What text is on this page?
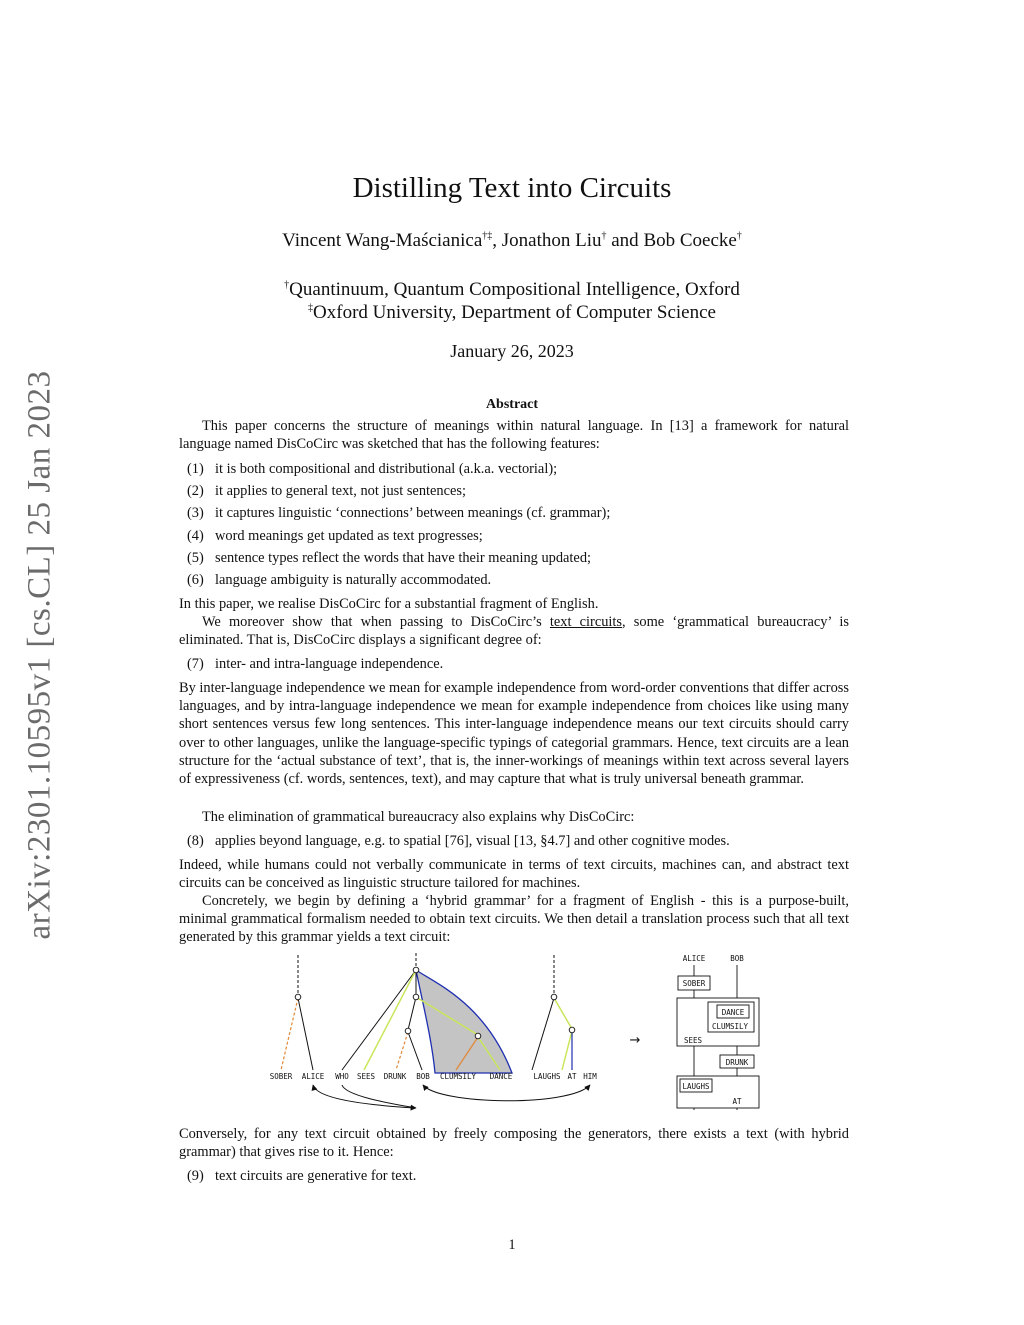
arXiv:2301.10595v1 [cs.CL] 25 Jan 2023
Distilling Text into Circuits
Vincent Wang-Maścianica†‡, Jonathon Liu† and Bob Coecke†
†Quantinuum, Quantum Compositional Intelligence, Oxford
‡Oxford University, Department of Computer Science
January 26, 2023
Abstract
This paper concerns the structure of meanings within natural language. In [13] a framework for natural language named DisCoCirc was sketched that has the following features:
(1) it is both compositional and distributional (a.k.a. vectorial);
(2) it applies to general text, not just sentences;
(3) it captures linguistic ‘connections’ between meanings (cf. grammar);
(4) word meanings get updated as text progresses;
(5) sentence types reflect the words that have their meaning updated;
(6) language ambiguity is naturally accommodated.
In this paper, we realise DisCoCirc for a substantial fragment of English.
We moreover show that when passing to DisCoCirc’s text circuits, some ‘grammatical bureaucracy’ is eliminated. That is, DisCoCirc displays a significant degree of:
(7) inter- and intra-language independence.
By inter-language independence we mean for example independence from word-order conventions that differ across languages, and by intra-language independence we mean for example independence from choices like using many short sentences versus few long sentences. This inter-language independence means our text circuits should carry over to other languages, unlike the language-specific typings of categorial grammars. Hence, text circuits are a lean structure for the ‘actual substance of text’, that is, the inner-workings of meanings within text across several layers of expressiveness (cf. words, sentences, text), and may capture that what is truly universal beneath grammar.
The elimination of grammatical bureaucracy also explains why DisCoCirc:
(8) applies beyond language, e.g. to spatial [76], visual [13, §4.7] and other cognitive modes.
Indeed, while humans could not verbally communicate in terms of text circuits, machines can, and abstract text circuits can be conceived as linguistic structure tailored for machines.
Concretely, we begin by defining a ‘hybrid grammar’ for a fragment of English - this is a purpose-built, minimal grammatical formalism needed to obtain text circuits. We then detail a translation process such that all text generated by this grammar yields a text circuit:
SOBER ALICE WHO SEES DRUNK BOB CLUMSILY DANCE	LAUGHS AT HIM
→
ALICE	BOB
SOBER
DANCE
CLUMSILY
SEES
DRUNK
LAUGHS
AT
Conversely, for any text circuit obtained by freely composing the generators, there exists a text (with hybrid grammar) that gives rise to it. Hence:
(9) text circuits are generative for text.
1
